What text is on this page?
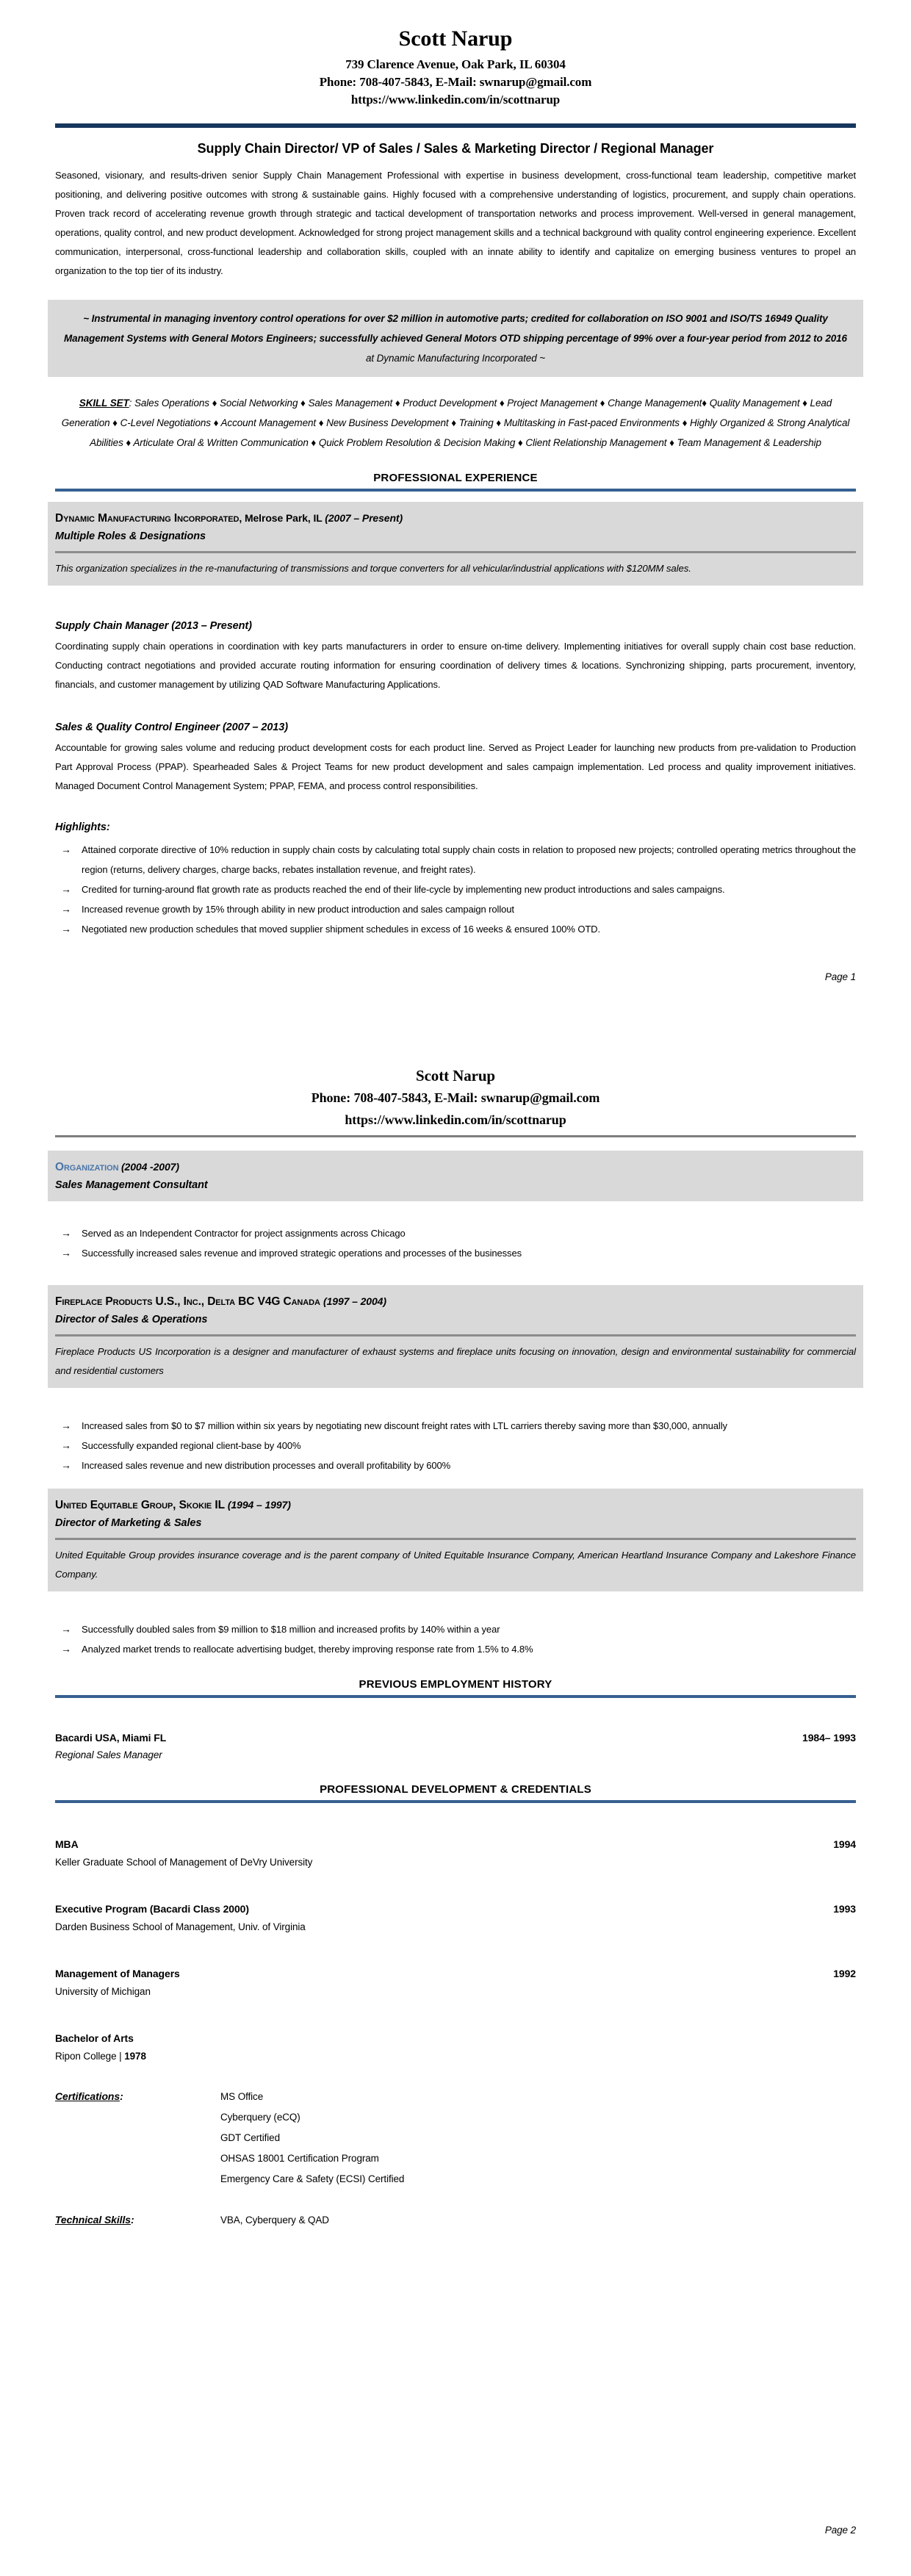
Scott Narup
739 Clarence Avenue, Oak Park, IL 60304
Phone: 708-407-5843, E-Mail: swnarup@gmail.com
https://www.linkedin.com/in/scottnarup
Supply Chain Director/ VP of Sales / Sales & Marketing Director / Regional Manager
Seasoned, visionary, and results-driven senior Supply Chain Management Professional with expertise in business development, cross-functional team leadership, competitive market positioning, and delivering positive outcomes with strong & sustainable gains. Highly focused with a comprehensive understanding of logistics, procurement, and supply chain operations. Proven track record of accelerating revenue growth through strategic and tactical development of transportation networks and process improvement. Well-versed in general management, operations, quality control, and new product development. Acknowledged for strong project management skills and a technical background with quality control engineering experience. Excellent communication, interpersonal, cross-functional leadership and collaboration skills, coupled with an innate ability to identify and capitalize on emerging business ventures to propel an organization to the top tier of its industry.
~ Instrumental in managing inventory control operations for over $2 million in automotive parts; credited for collaboration on ISO 9001 and ISO/TS 16949 Quality Management Systems with General Motors Engineers; successfully achieved General Motors OTD shipping percentage of 99% over a four-year period from 2012 to 2016 at Dynamic Manufacturing Incorporated ~
SKILL SET: Sales Operations ♦ Social Networking ♦ Sales Management ♦ Product Development ♦ Project Management ♦ Change Management♦ Quality Management ♦ Lead Generation ♦ C-Level Negotiations ♦ Account Management ♦ New Business Development ♦ Training ♦ Multitasking in Fast-paced Environments ♦ Highly Organized & Strong Analytical Abilities ♦ Articulate Oral & Written Communication ♦ Quick Problem Resolution & Decision Making ♦ Client Relationship Management ♦ Team Management & Leadership
PROFESSIONAL EXPERIENCE
Dynamic Manufacturing Incorporated, Melrose Park, IL (2007 – Present)
Multiple Roles & Designations
This organization specializes in the re-manufacturing of transmissions and torque converters for all vehicular/industrial applications with $120MM sales.
Supply Chain Manager (2013 – Present)
Coordinating supply chain operations in coordination with key parts manufacturers in order to ensure on-time delivery. Implementing initiatives for overall supply chain cost base reduction. Conducting contract negotiations and provided accurate routing information for ensuring coordination of delivery times & locations. Synchronizing shipping, parts procurement, inventory, financials, and customer management by utilizing QAD Software Manufacturing Applications.
Sales & Quality Control Engineer (2007 – 2013)
Accountable for growing sales volume and reducing product development costs for each product line. Served as Project Leader for launching new products from pre-validation to Production Part Approval Process (PPAP). Spearheaded Sales & Project Teams for new product development and sales campaign implementation. Led process and quality improvement initiatives. Managed Document Control Management System; PPAP, FEMA, and process control responsibilities.
Highlights:
→	Attained corporate directive of 10% reduction in supply chain costs by calculating total supply chain costs in relation to proposed new projects; controlled operating metrics throughout the region (returns, delivery charges, charge backs, rebates installation revenue, and freight rates).
→	Credited for turning-around flat growth rate as products reached the end of their life-cycle by implementing new product introductions and sales campaigns.
→	Increased revenue growth by 15% through ability in new product introduction and sales campaign rollout
→	Negotiated new production schedules that moved supplier shipment schedules in excess of 16 weeks & ensured 100% OTD.
Page 1
Scott Narup
Phone: 708-407-5843, E-Mail: swnarup@gmail.com
https://www.linkedin.com/in/scottnarup
Organization (2004 -2007)
Sales Management Consultant
→	Served as an Independent Contractor for project assignments across Chicago
→	Successfully increased sales revenue and improved strategic operations and processes of the businesses
Fireplace Products U.S., Inc., Delta BC V4G Canada (1997 – 2004)
Director of Sales & Operations
Fireplace Products US Incorporation is a designer and manufacturer of exhaust systems and fireplace units focusing on innovation, design and environmental sustainability for commercial and residential customers
→	Increased sales from $0 to $7 million within six years by negotiating new discount freight rates with LTL carriers thereby saving more than $30,000, annually
→	Successfully expanded regional client-base by 400%
→	Increased sales revenue and new distribution processes and overall profitability by 600%
United Equitable Group, Skokie IL (1994 – 1997)
Director of Marketing & Sales
United Equitable Group provides insurance coverage and is the parent company of United Equitable Insurance Company, American Heartland Insurance Company and Lakeshore Finance Company.
→	Successfully doubled sales from $9 million to $18 million and increased profits by 140% within a year
→	Analyzed market trends to reallocate advertising budget, thereby improving response rate from 1.5% to 4.8%
PREVIOUS EMPLOYMENT HISTORY
Bacardi USA, Miami FL	1984– 1993
Regional Sales Manager
PROFESSIONAL DEVELOPMENT & CREDENTIALS
MBA	1994
Keller Graduate School of Management of DeVry University
Executive Program (Bacardi Class 2000)	1993
Darden Business School of Management, Univ. of Virginia
Management of Managers	1992
University of Michigan
Bachelor of Arts
Ripon College | 1978
Certifications:	MS Office
Cyberquery (eCQ)
GDT Certified
OHSAS 18001 Certification Program
Emergency Care & Safety (ECSI) Certified
Technical Skills:	VBA, Cyberquery & QAD
Page 2
